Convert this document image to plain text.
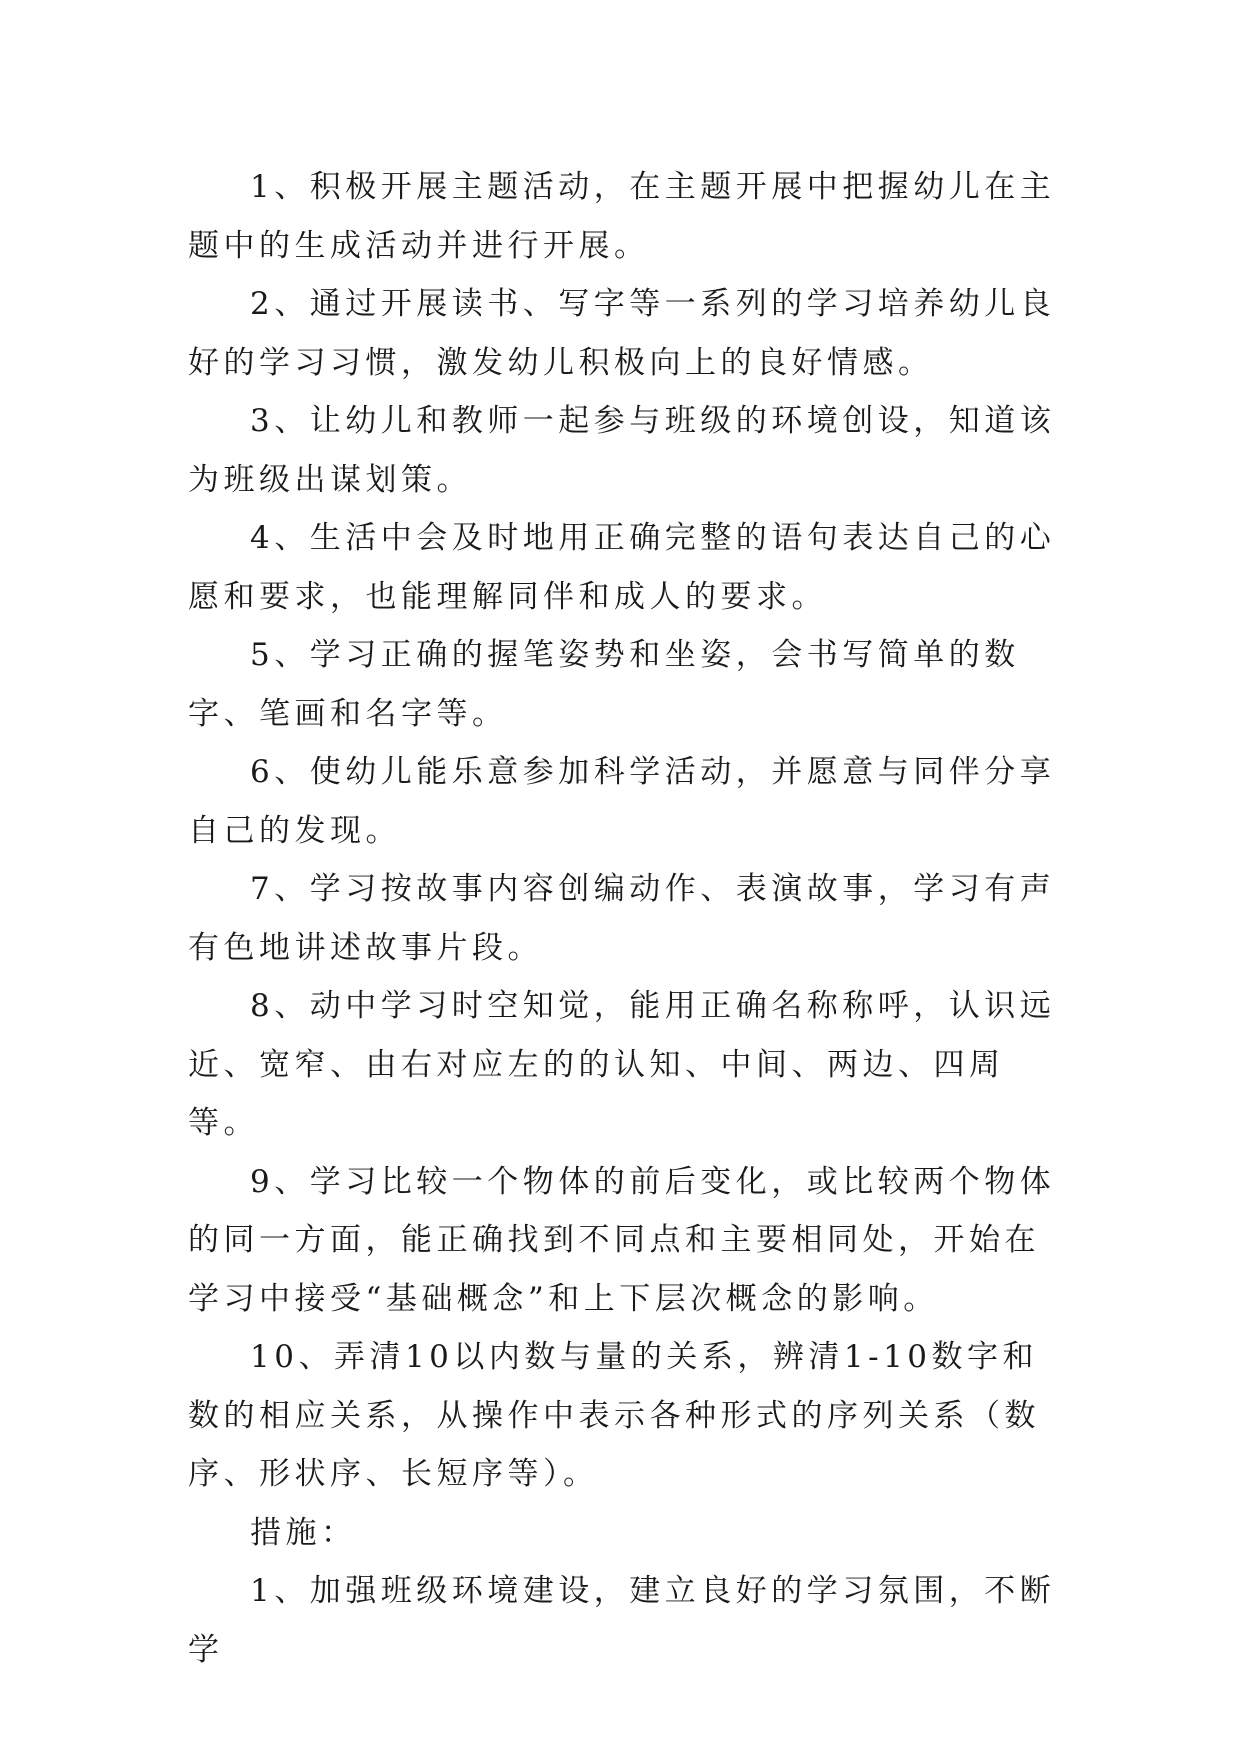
1、积极开展主题活动，在主题开展中把握幼儿在主题中的生成活动并进行开展。

2、通过开展读书、写字等一系列的学习培养幼儿良好的学习习惯，激发幼儿积极向上的良好情感。

3、让幼儿和教师一起参与班级的环境创设，知道该为班级出谋划策。

4、生活中会及时地用正确完整的语句表达自己的心愿和要求，也能理解同伴和成人的要求。

5、学习正确的握笔姿势和坐姿，会书写简单的数字、笔画和名字等。

6、使幼儿能乐意参加科学活动，并愿意与同伴分享自己的发现。

7、学习按故事内容创编动作、表演故事，学习有声有色地讲述故事片段。

8、动中学习时空知觉，能用正确名称称呼，认识远近、宽窄、由右对应左的的认知、中间、两边、四周等。

9、学习比较一个物体的前后变化，或比较两个物体的同一方面，能正确找到不同点和主要相同处，开始在学习中接受“基础概念”和上下层次概念的影响。

10、弄清10以内数与量的关系，辨清1-10数字和数的相应关系，从操作中表示各种形式的序列关系（数序、形状序、长短序等）。

措施：

1、加强班级环境建设，建立良好的学习氛围，不断学
